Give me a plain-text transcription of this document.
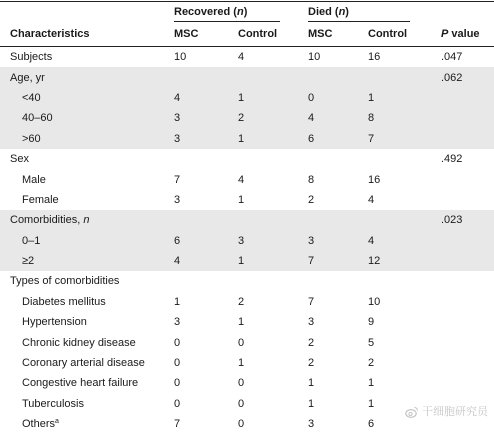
Recovered (n)	Died (n)
Characteristics	MSC	Control	MSC	Control	P value
Subjects	10	4	10	16	.047
Age, yr					.062
<40	4	1	0	1	
40–60	3	2	4	8	
>60	3	1	6	7	
Sex					.492
Male	7	4	8	16	
Female	3	1	2	4	
Comorbidities, n					.023
0–1	6	3	3	4	
≥2	4	1	7	12	
Types of comorbidities					
Diabetes mellitus	1	2	7	10	
Hypertension	3	1	3	9	
Chronic kidney disease	0	0	2	5	
Coronary arterial disease	0	1	2	2	
Congestive heart failure	0	0	1	1	
Tuberculosis	0	0	1	1	
Others$^a$	7	0	3	6	
干细胞研究员
